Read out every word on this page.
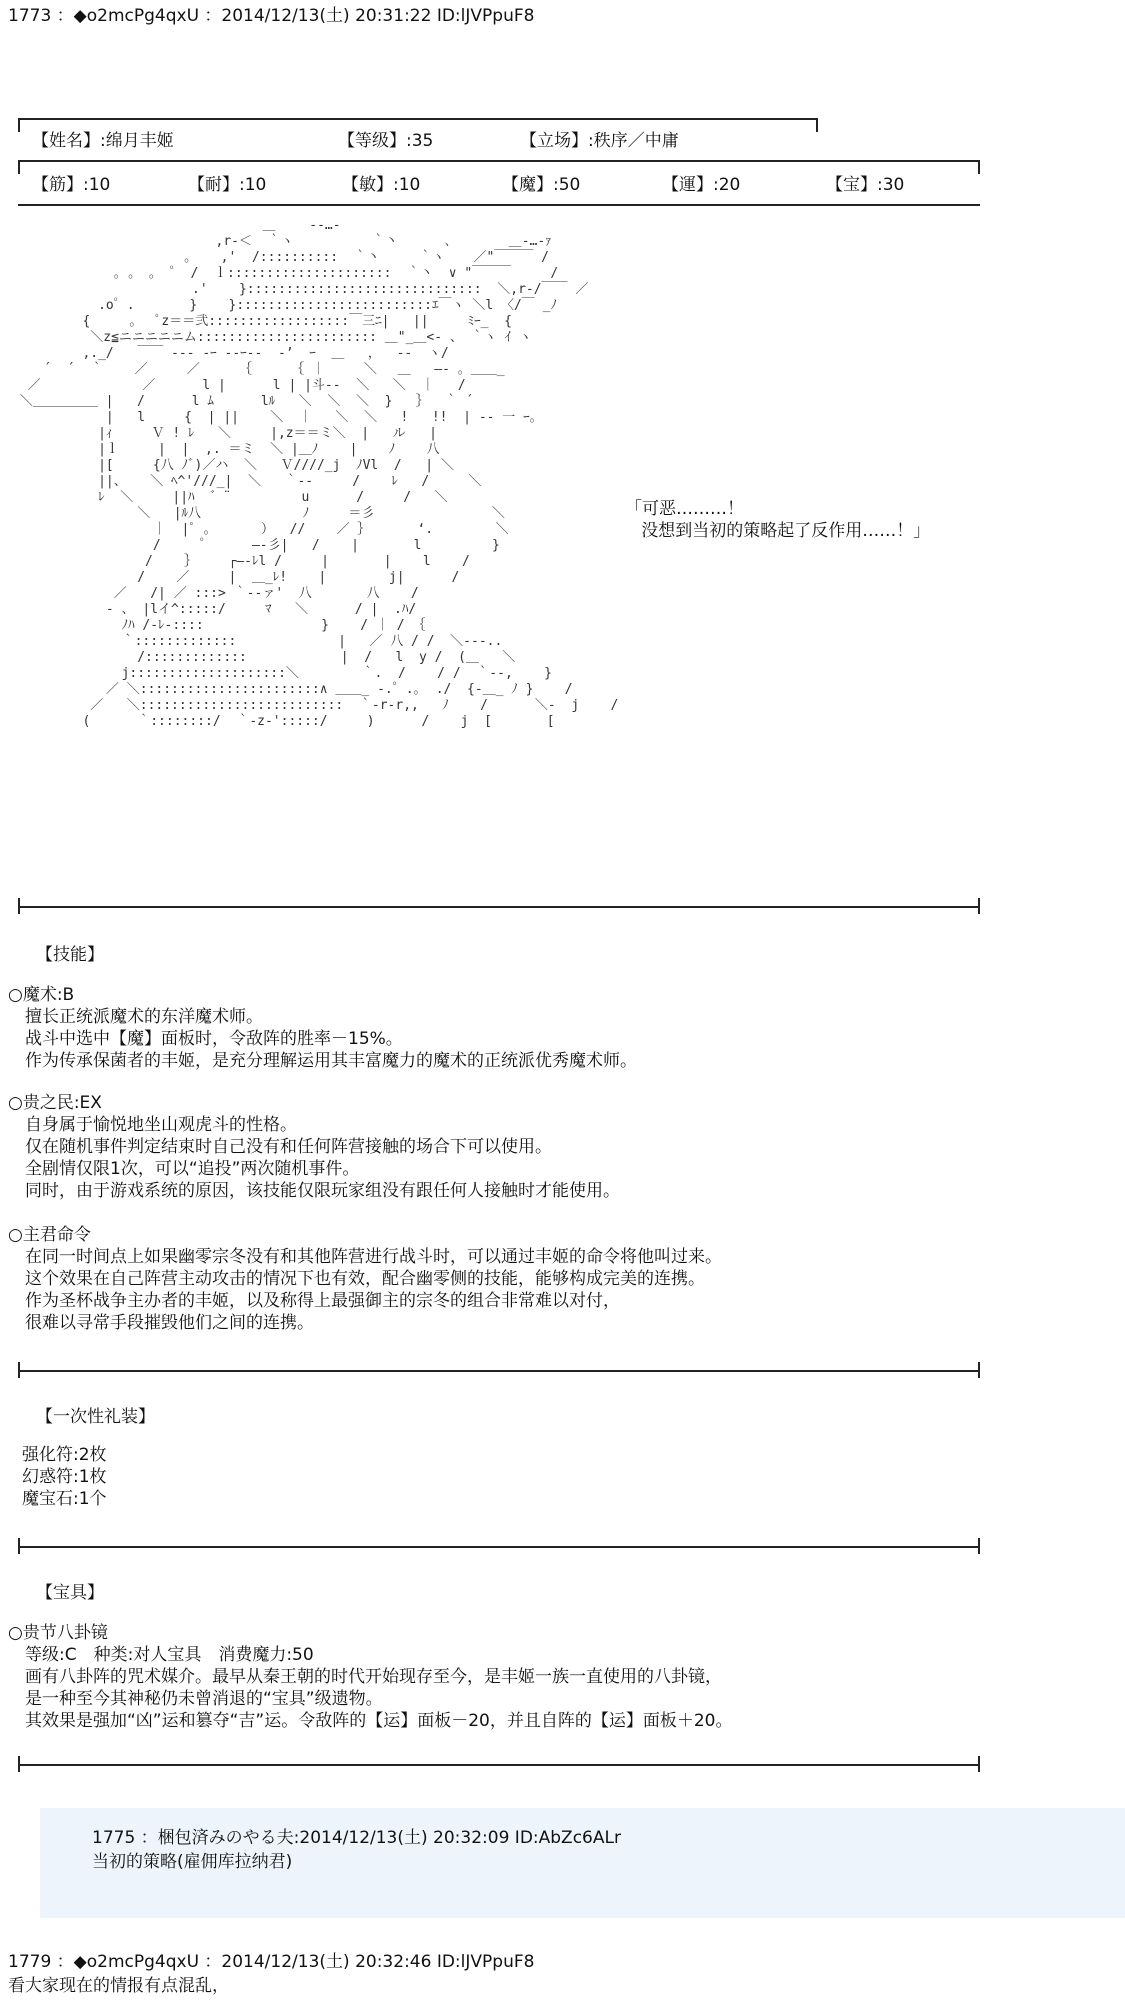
1773 ：◆o2mcPg4qxU ：2014/12/13(土) 20:31:22 ID:lJVPpuF8
【姓名】:绵月丰姬	【等级】:35	【立场】:秩序／中庸
【筋】:10	【耐】:10	【敏】:10	【魔】:50	【運】:20	【宝】:30
＿　　 -‐…-
,r‐＜  ｀ヽ          ｀丶      ､ 　　   ＿‐…‐ｧ
。   ,'  /::::::::::  ｀丶     ｀ヽ 　 ／"￣￣￣ /
｡ 。 。 ゜ /  ｌ:::::::::::::::::::::  ｀丶  ∨ "￣￣￣     /
.'    }::::::::::::::::::::::::::::::  ＼,r‐/￣￣ ／
.o゜.       }    }:::::::::::::::::::::::::ｴ￣ヽ ＼l 〈/￣ _ﾉ
{     ｡   ﾟz＝＝弐::::::::::::::::::￣三ﾆ|   ||     ﾐｰ_  {
＼z≦ニニニニニム::::::::::::::::::::::: ＿"_＿<‐ 、 ｀ヽ ｲ ヽ
,._/   ￣￣ --- -ｰ --ｰ--  ‐’  ｰ  ＿   ，  ‐‐  ヽ/
´  ´  ｀    ／     ／     ｛     ｛ ｜     ＼ 　＿   ―‐ 。＿＿_
／             ／      l |      l | |斗‐‐  ＼   ＼  ｜   /
＼＿＿＿＿＿ |   /      l ﾑ      lﾙ   ＼  ＼  ＼  }   ｝  ｀ ´
|   l     {  | ||    ＼  ｜   ＼  ＼   !   !!  | ‐‐ 一 ｰ。
|ｨ     Ｖ ! ﾚ   ＼     |,z＝＝ミ＼  |   ル   |
|ｌ     |  |  ,. ＝ミ  ＼ |＿ﾉ    |    ﾉ    八
|[     {八 ﾉﾞ)／ハ  ＼   Ｖ////_j  ﾉVl  /   | ＼
||、   ＼ ﾍ^'///_|  ＼   ｀‐‐     /    ﾚ   /     ＼
ﾚ  ＼     ||ﾊ  ゛¨         u      /     /   ＼
＼   |ﾙ八             ﾉ     ＝彡               ＼
｜  |ﾟ 。 　   ）  //    ／ ｝      ‘.        ＼
/     ゜     ―‐彡|   /    |       l         }
/    ｝    ┌―‐ﾚl /     |       |    l    /
/    ／     |  ＿_ﾚ!    |        j|      /
／   /| ／ :::> ｀‐‐ァ'  八       八    /
‐ 、 |lイ^:::::/     ﾏ   ＼      / |  .ﾊ/
ﾉﾊ /‐ﾚ-::::               }    / ｜ / ｛
｀:::::::::::::             |   ／ 八 / /  ＼‐‐‐..
/:::::::::::::            |  /   l  y /  (＿   ＼
j::::::::::::::::::::＼        ｀.  /    / /  ｀‐-,    }
／ ＼:::::::::::::::::::::::∧ ＿＿_ ‐.゜.｡  ./  {‐＿_ ﾉ }    /
／   ＼::::::::::::::::::::::::::  ｀‐r‐r,,   ﾉ    /      ＼‐  j    /
(      ｀::::::::/  ｀‐z‐':::::/     )      /    j  [       [
「可恶………！
没想到当初的策略起了反作用……！」
【技能】
○魔术:B
　擅长正统派魔术的东洋魔术师。
　战斗中选中【魔】面板时，令敌阵的胜率－15%。
　作为传承保菌者的丰姬，是充分理解运用其丰富魔力的魔术的正统派优秀魔术师。
○贵之民:EX
　自身属于愉悦地坐山观虎斗的性格。
　仅在随机事件判定结束时自己没有和任何阵营接触的场合下可以使用。
　全剧情仅限1次，可以“追投”两次随机事件。
　同时，由于游戏系统的原因，该技能仅限玩家组没有跟任何人接触时才能使用。
○主君命令
　在同一时间点上如果幽零宗冬没有和其他阵营进行战斗时，可以通过丰姬的命令将他叫过来。
　这个效果在自己阵营主动攻击的情况下也有效，配合幽零侧的技能，能够构成完美的连携。
　作为圣杯战争主办者的丰姬，以及称得上最强御主的宗冬的组合非常难以对付，
　很难以寻常手段摧毁他们之间的连携。
【一次性礼装】
强化符:2枚
幻惑符:1枚
魔宝石:1个
【宝具】
○贵节八卦镜
　等级:C　种类:对人宝具　消费魔力:50
　画有八卦阵的咒术媒介。最早从秦王朝的时代开始现存至今，是丰姬一族一直使用的八卦镜，
　是一种至今其神秘仍未曾消退的“宝具”级遗物。
　其效果是强加“凶”运和篡夺“吉”运。令敌阵的【运】面板－20，并且自阵的【运】面板＋20。
1775 ：梱包済みのやる夫:2014/12/13(土) 20:32:09 ID:AbZc6ALr
当初的策略(雇佣库拉纳君)
1779 ：◆o2mcPg4qxU ：2014/12/13(土) 20:32:46 ID:lJVPpuF8
看大家现在的情报有点混乱，
